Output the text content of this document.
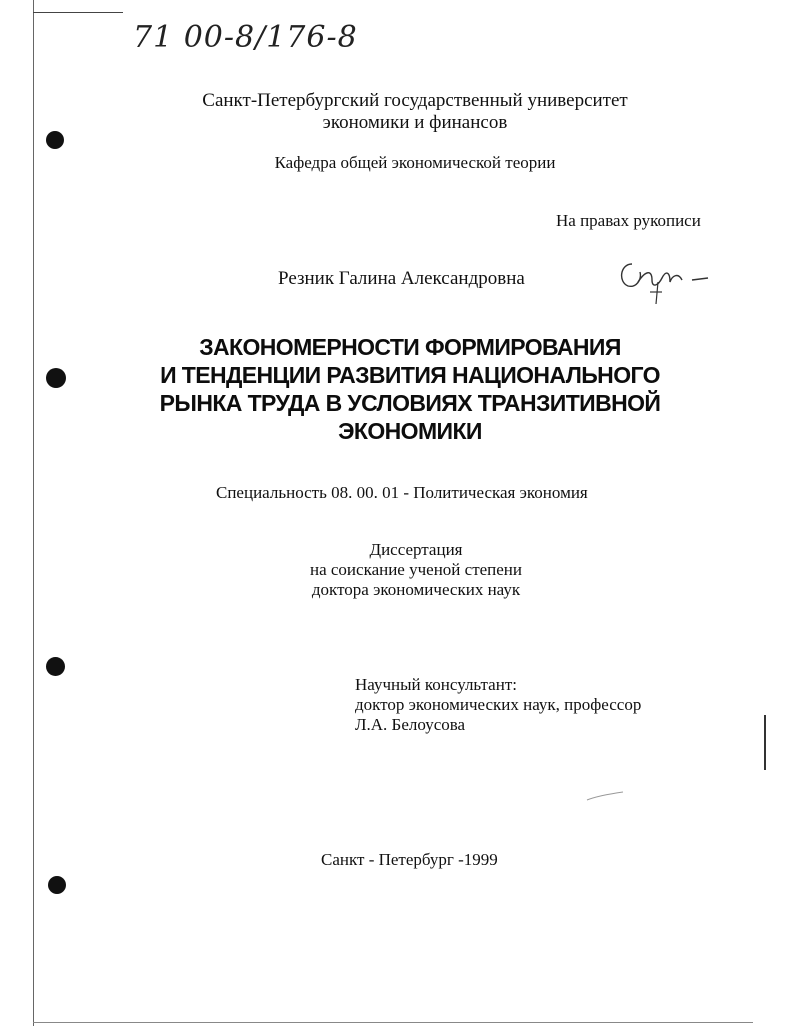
71 00-8/176-8
Санкт-Петербургский государственный университет
экономики и финансов
Кафедра общей экономической теории
На правах рукописи
Резник Галина Александровна
ЗАКОНОМЕРНОСТИ ФОРМИРОВАНИЯ
И ТЕНДЕНЦИИ РАЗВИТИЯ НАЦИОНАЛЬНОГО
РЫНКА ТРУДА В УСЛОВИЯХ ТРАНЗИТИВНОЙ
ЭКОНОМИКИ
Специальность 08. 00. 01 - Политическая экономия
Диссертация
на соискание ученой степени
доктора экономических наук
Научный консультант:
доктор экономических наук, профессор
Л.А. Белоусова
Санкт - Петербург -1999
